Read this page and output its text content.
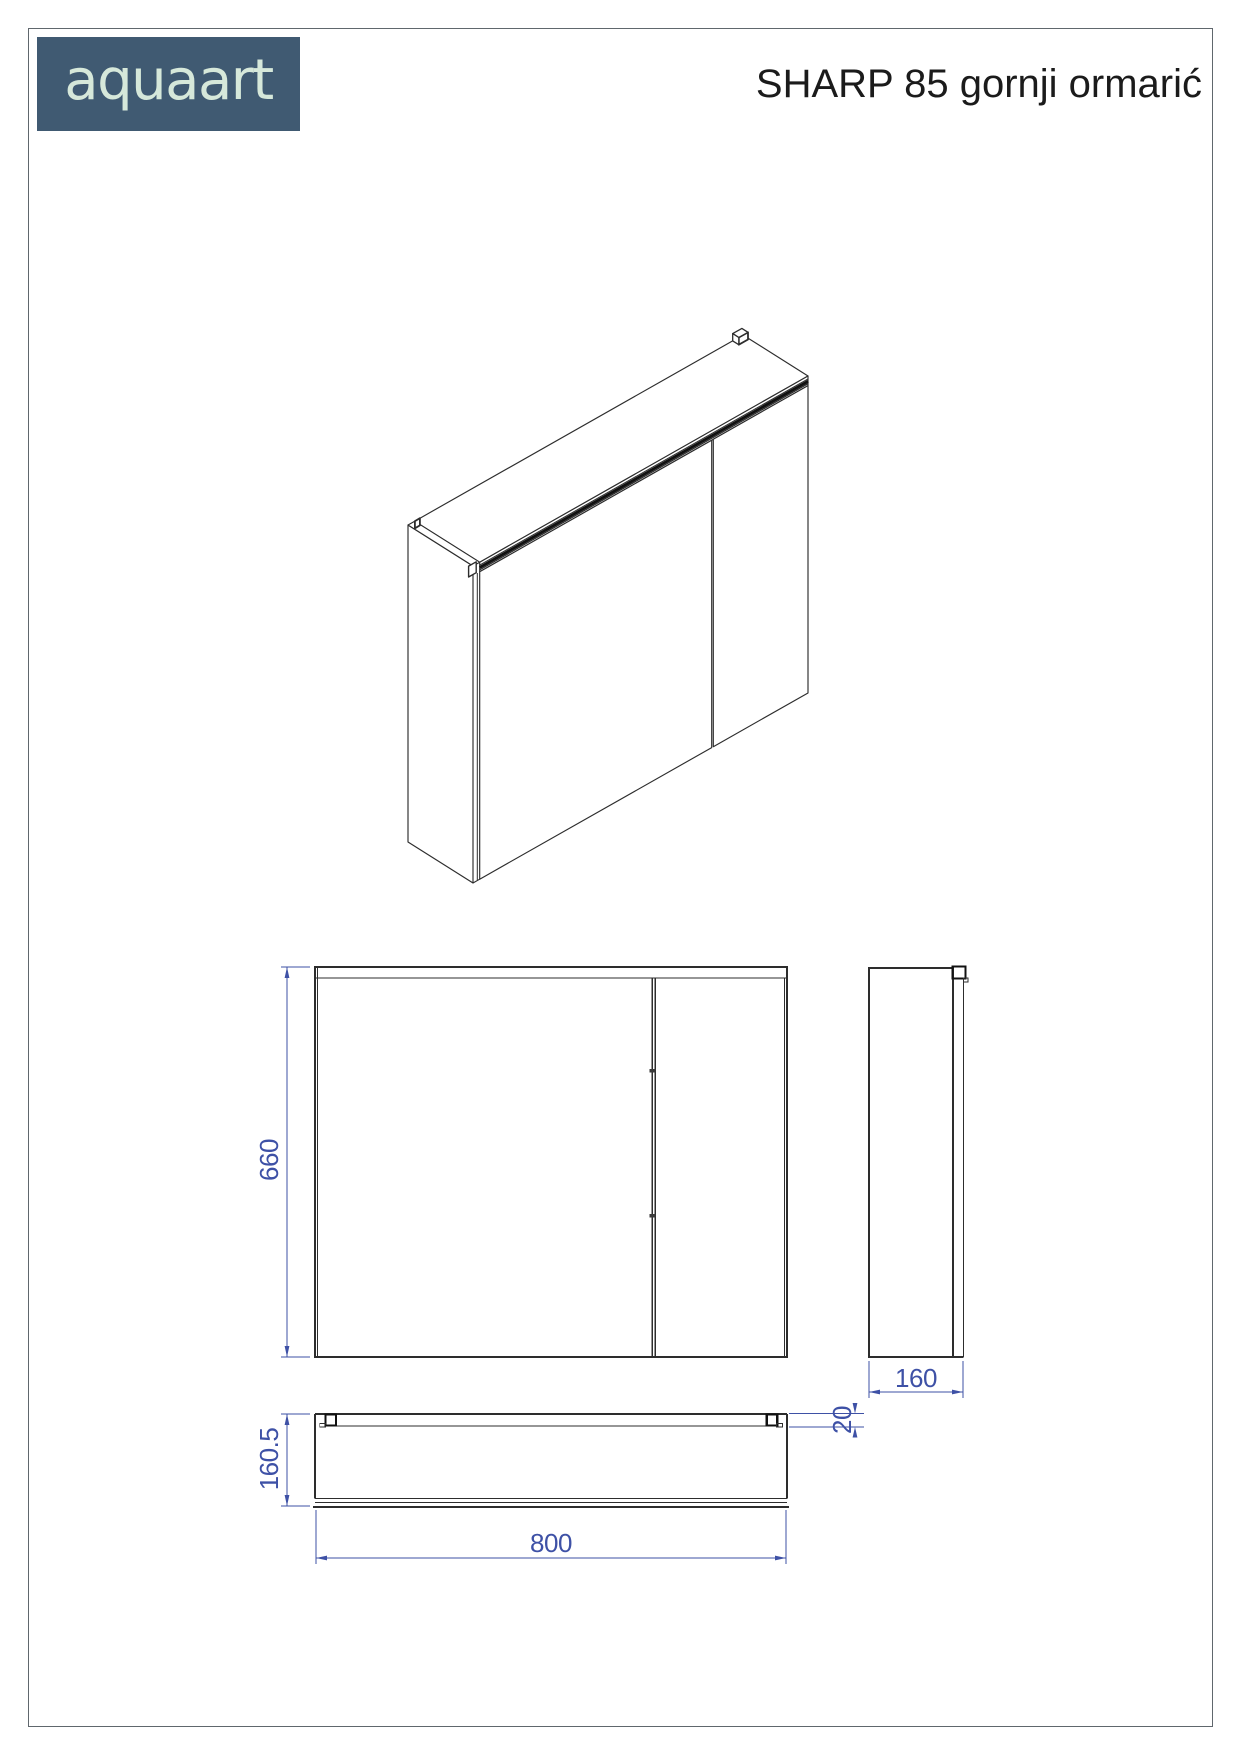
aquaart	SHARP 85 gornji ormarić
660
160.5
160
800
20
